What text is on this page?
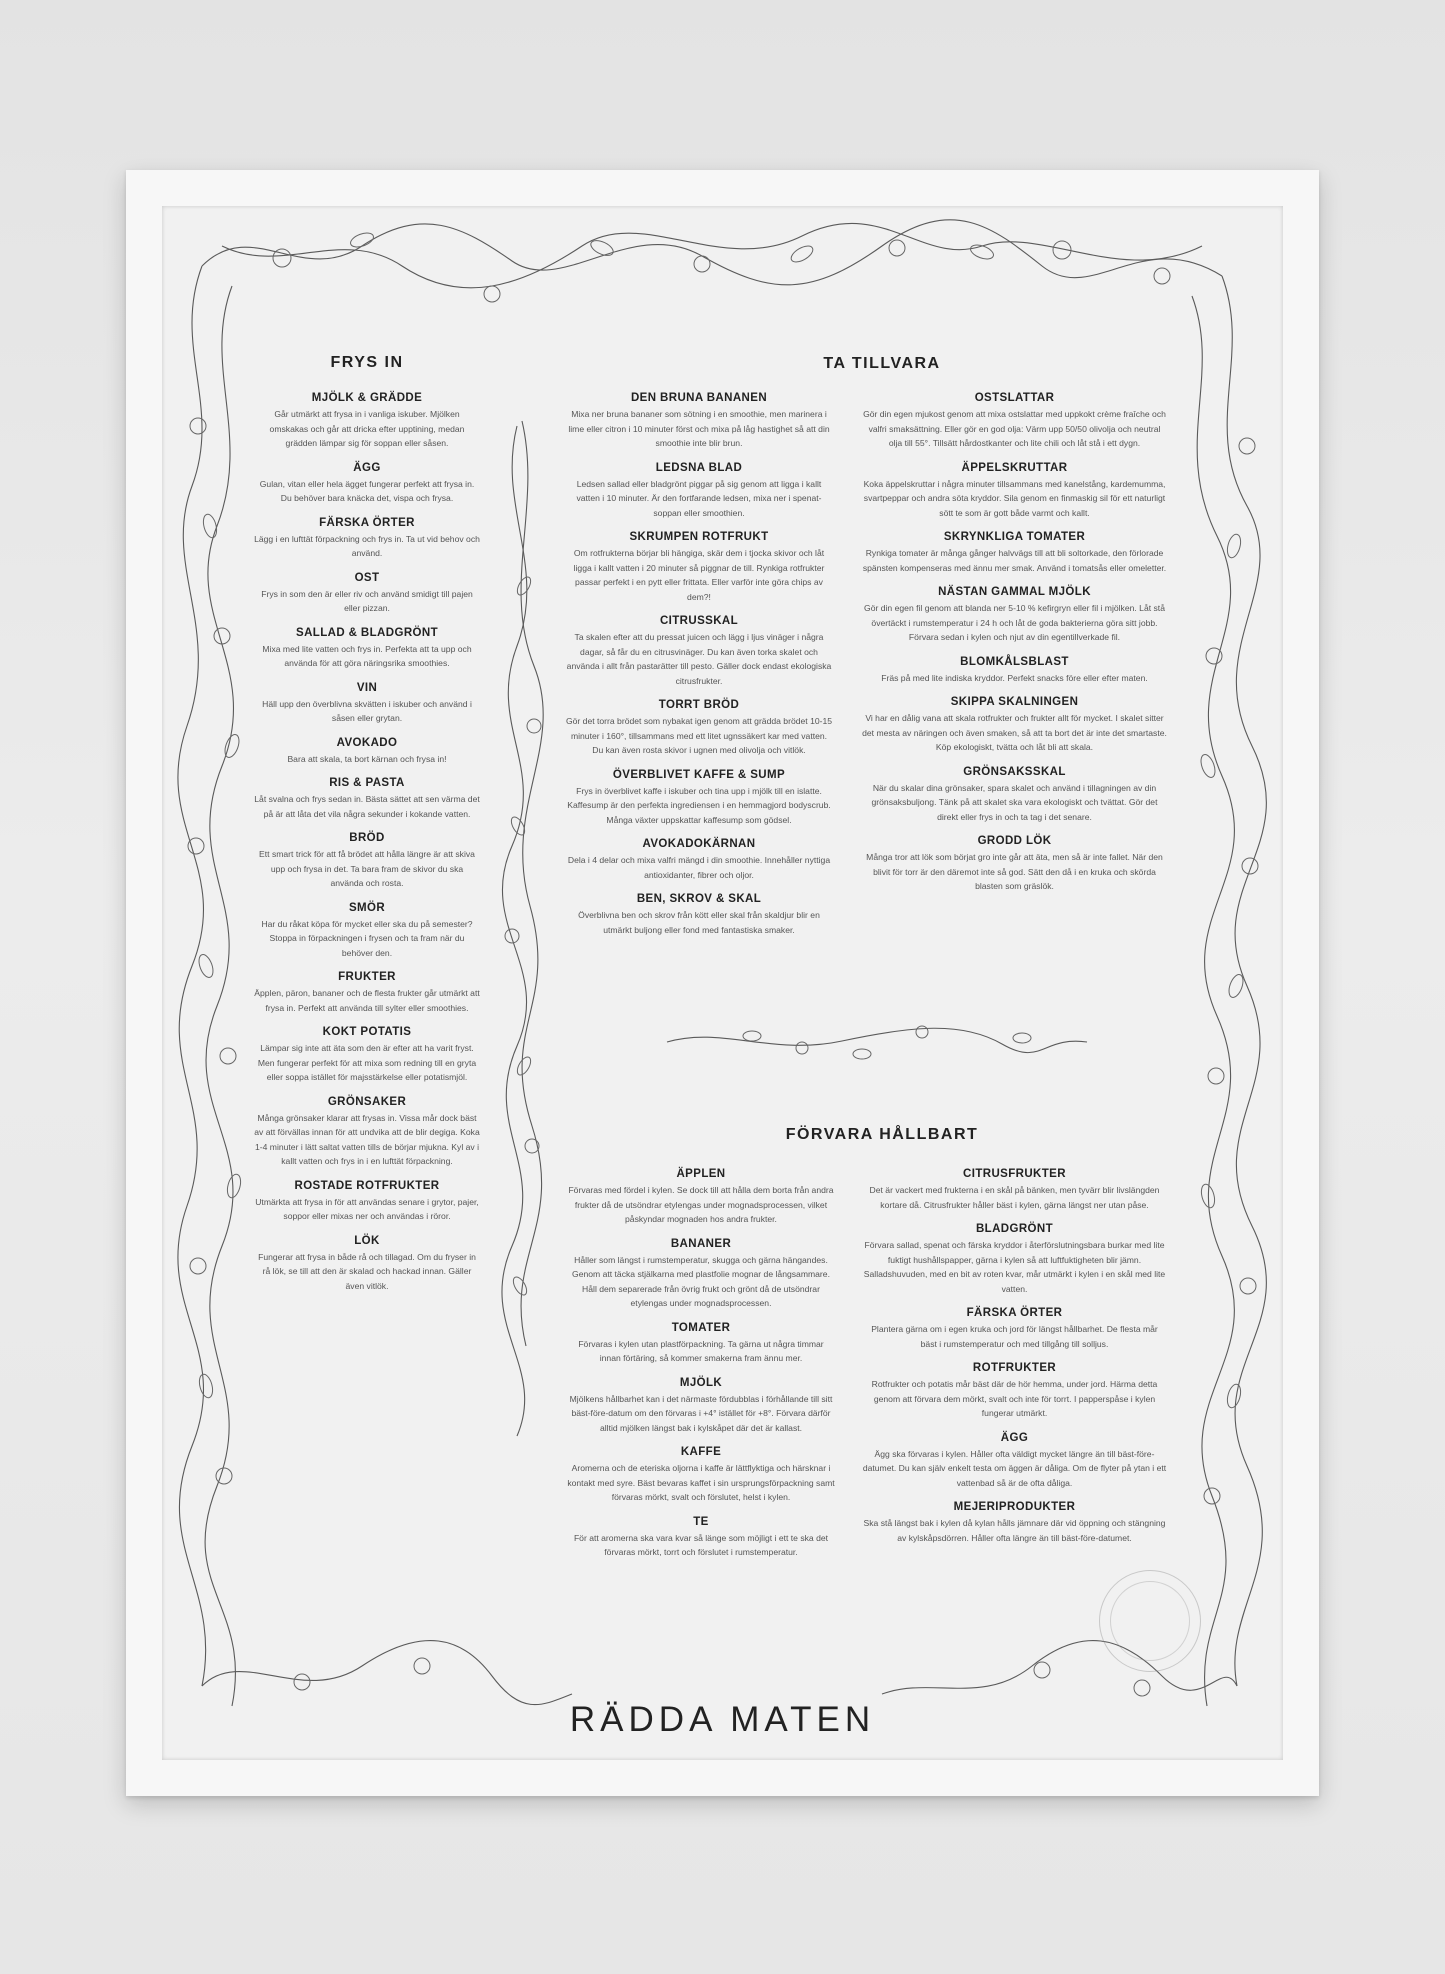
FRYS IN
MJÖLK & GRÄDDE

Går utmärkt att frysa in i vanliga iskuber. Mjölken omskakas och går att dricka efter upptining, medan grädden lämpar sig för soppan eller såsen.

ÄGG

Gulan, vitan eller hela ägget fungerar perfekt att frysa in. Du behöver bara knäcka det, vispa och frysa.

FÄRSKA ÖRTER

Lägg i en lufttät förpackning och frys in. Ta ut vid behov och använd.

OST

Frys in som den är eller riv och använd smidigt till pajen eller pizzan.

SALLAD & BLADGRÖNT

Mixa med lite vatten och frys in. Perfekta att ta upp och använda för att göra näringsrika smoothies.

VIN

Häll upp den överblivna skvätten i iskuber och använd i såsen eller grytan.

AVOKADO

Bara att skala, ta bort kärnan och frysa in!

RIS & PASTA

Låt svalna och frys sedan in. Bästa sättet att sen värma det på är att låta det vila några sekunder i kokande vatten.

BRÖD

Ett smart trick för att få brödet att hålla längre är att skiva upp och frysa in det. Ta bara fram de skivor du ska använda och rosta.

SMÖR

Har du råkat köpa för mycket eller ska du på semester? Stoppa in förpackningen i frysen och ta fram när du behöver den.

FRUKTER

Äpplen, päron, bananer och de flesta frukter går utmärkt att frysa in. Perfekt att använda till sylter eller smoothies.

KOKT POTATIS

Lämpar sig inte att äta som den är efter att ha varit fryst. Men fungerar perfekt för att mixa som redning till en gryta eller soppa istället för majsstärkelse eller potatismjöl.

GRÖNSAKER

Många grönsaker klarar att frysas in. Vissa mår dock bäst av att förvällas innan för att undvika att de blir degiga. Koka 1-4 minuter i lätt saltat vatten tills de börjar mjukna. Kyl av i kallt vatten och frys in i en lufttät förpackning.

ROSTADE ROTFRUKTER

Utmärkta att frysa in för att användas senare i grytor, pajer, soppor eller mixas ner och användas i röror.

LÖK

Fungerar att frysa in både rå och tillagad. Om du fryser in rå lök, se till att den är skalad och hackad innan. Gäller även vitlök.

TA TILLVARA
DEN BRUNA BANANEN

Mixa ner bruna bananer som sötning i en smoothie, men marinera i lime eller citron i 10 minuter först och mixa på låg hastighet så att din smoothie inte blir brun.

LEDSNA BLAD

Ledsen sallad eller bladgrönt piggar på sig genom att ligga i kallt vatten i 10 minuter. Är den fortfarande ledsen, mixa ner i spenat-soppan eller smoothien.

SKRUMPEN ROTFRUKT

Om rotfrukterna börjar bli hängiga, skär dem i tjocka skivor och låt ligga i kallt vatten i 20 minuter så piggnar de till. Rynkiga rotfrukter passar perfekt i en pytt eller frittata. Eller varför inte göra chips av dem?!

CITRUSSKAL

Ta skalen efter att du pressat juicen och lägg i ljus vinäger i några dagar, så får du en citrusvinäger. Du kan även torka skalet och använda i allt från pastarätter till pesto. Gäller dock endast ekologiska citrusfrukter.

TORRT BRÖD

Gör det torra brödet som nybakat igen genom att grädda brödet 10-15 minuter i 160°, tillsammans med ett litet ugnssäkert kar med vatten. Du kan även rosta skivor i ugnen med olivolja och vitlök.

ÖVERBLIVET KAFFE & SUMP

Frys in överblivet kaffe i iskuber och tina upp i mjölk till en islatte. Kaffesump är den perfekta ingrediensen i en hemmagjord bodyscrub. Många växter uppskattar kaffesump som gödsel.

AVOKADOKÄRNAN

Dela i 4 delar och mixa valfri mängd i din smoothie. Innehåller nyttiga antioxidanter, fibrer och oljor.

BEN, SKROV & SKAL

Överblivna ben och skrov från kött eller skal från skaldjur blir en utmärkt buljong eller fond med fantastiska smaker.

OSTSLATTAR

Gör din egen mjukost genom att mixa ostslattar med uppkokt crème fraîche och valfri smaksättning. Eller gör en god olja: Värm upp 50/50 olivolja och neutral olja till 55°. Tillsätt hårdostkanter och lite chili och låt stå i ett dygn.

ÄPPELSKRUTTAR

Koka äppelskruttar i några minuter tillsammans med kanelstång, kardemumma, svartpeppar och andra söta kryddor. Sila genom en finmaskig sil för ett naturligt sött te som är gott både varmt och kallt.

SKRYNKLIGA TOMATER

Rynkiga tomater är många gånger halvvägs till att bli soltorkade, den förlorade spänsten kompenseras med ännu mer smak. Använd i tomatsås eller omeletter.

NÄSTAN GAMMAL MJÖLK

Gör din egen fil genom att blanda ner 5-10 % kefirgryn eller fil i mjölken. Låt stå övertäckt i rumstemperatur i 24 h och låt de goda bakterierna göra sitt jobb. Förvara sedan i kylen och njut av din egentillverkade fil.

BLOMKÅLSBLAST

Fräs på med lite indiska kryddor. Perfekt snacks före eller efter maten.

SKIPPA SKALNINGEN

Vi har en dålig vana att skala rotfrukter och frukter allt för mycket. I skalet sitter det mesta av näringen och även smaken, så att ta bort det är inte det smartaste. Köp ekologiskt, tvätta och låt bli att skala.

GRÖNSAKSSKAL

När du skalar dina grönsaker, spara skalet och använd i tillagningen av din grönsaksbuljong. Tänk på att skalet ska vara ekologiskt och tvättat. Gör det direkt eller frys in och ta tag i det senare.

GRODD LÖK

Många tror att lök som börjat gro inte går att äta, men så är inte fallet. När den blivit för torr är den däremot inte så god. Sätt den då i en kruka och skörda blasten som gräslök.

FÖRVARA HÅLLBART
ÄPPLEN

Förvaras med fördel i kylen. Se dock till att hålla dem borta från andra frukter då de utsöndrar etylengas under mognadsprocessen, vilket påskyndar mognaden hos andra frukter.

BANANER

Håller som längst i rumstemperatur, skugga och gärna hängandes. Genom att täcka stjälkarna med plastfolie mognar de långsammare. Håll dem separerade från övrig frukt och grönt då de utsöndrar etylengas under mognadsprocessen.

TOMATER

Förvaras i kylen utan plastförpackning. Ta gärna ut några timmar innan förtäring, så kommer smakerna fram ännu mer.

MJÖLK

Mjölkens hållbarhet kan i det närmaste fördubblas i förhållande till sitt bäst-före-datum om den förvaras i +4° istället för +8°. Förvara därför alltid mjölken längst bak i kylskåpet där det är kallast.

KAFFE

Aromerna och de eteriska oljorna i kaffe är lättflyktiga och härsknar i kontakt med syre. Bäst bevaras kaffet i sin ursprungsförpackning samt förvaras mörkt, svalt och förslutet, helst i kylen.

TE

För att aromerna ska vara kvar så länge som möjligt i ett te ska det förvaras mörkt, torrt och förslutet i rumstemperatur.

CITRUSFRUKTER

Det är vackert med frukterna i en skål på bänken, men tyvärr blir livslängden kortare då. Citrusfrukter håller bäst i kylen, gärna längst ner utan påse.

BLADGRÖNT

Förvara sallad, spenat och färska kryddor i återförslutningsbara burkar med lite fuktigt hushållspapper, gärna i kylen så att luftfuktigheten blir jämn. Salladshuvuden, med en bit av roten kvar, mår utmärkt i kylen i en skål med lite vatten.

FÄRSKA ÖRTER

Plantera gärna om i egen kruka och jord för längst hållbarhet. De flesta mår bäst i rumstemperatur och med tillgång till solljus.

ROTFRUKTER

Rotfrukter och potatis mår bäst där de hör hemma, under jord. Härma detta genom att förvara dem mörkt, svalt och inte för torrt. I papperspåse i kylen fungerar utmärkt.

ÄGG

Ägg ska förvaras i kylen. Håller ofta väldigt mycket längre än till bäst-före-datumet. Du kan själv enkelt testa om äggen är dåliga. Om de flyter på ytan i ett vattenbad så är de ofta dåliga.

MEJERIPRODUKTER

Ska stå längst bak i kylen då kylan hålls jämnare där vid öppning och stängning av kylskåpsdörren. Håller ofta längre än till bäst-före-datumet.

RÄDDA MATEN
